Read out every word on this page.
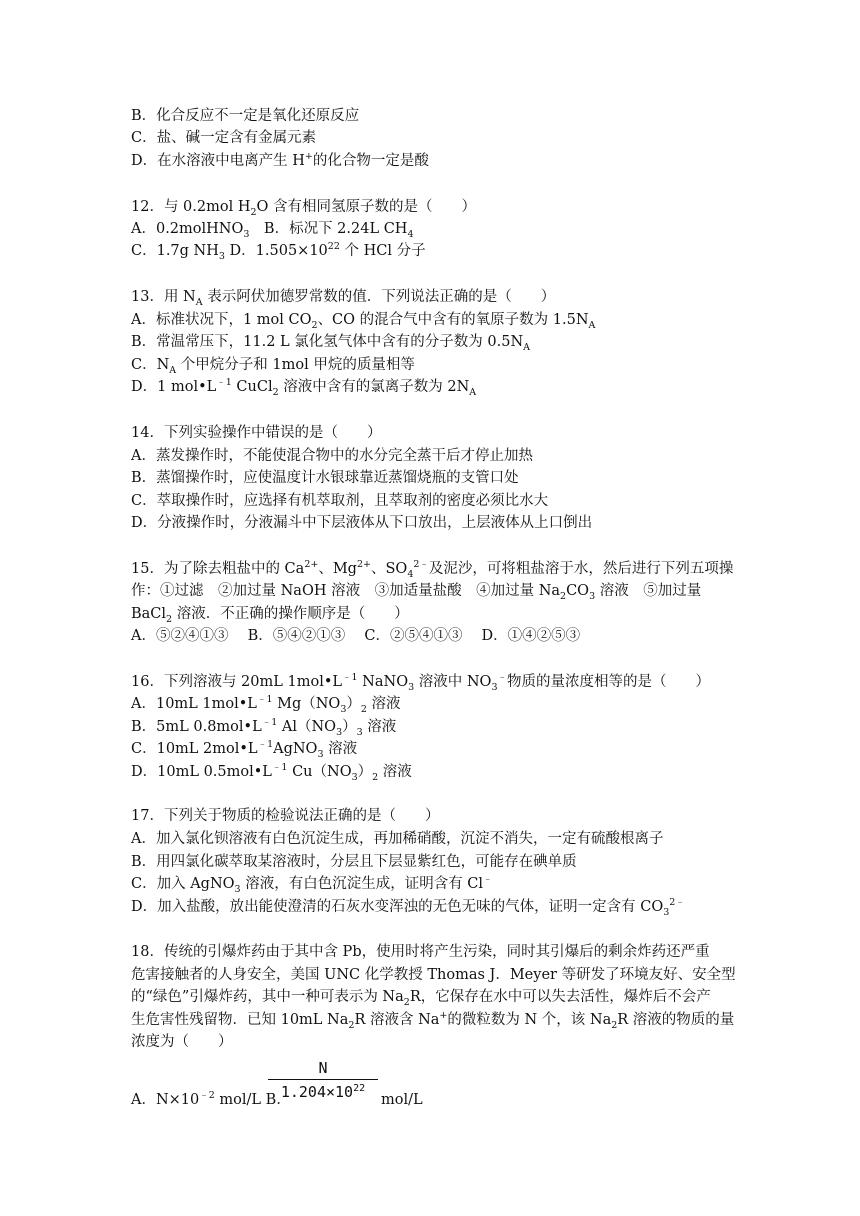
B．化合反应不一定是氧化还原反应
C．盐、碱一定含有金属元素
D．在水溶液中电离产生 H+的化合物一定是酸
12．与 0.2mol $H_2O$ 含有相同氢原子数的是（　　）
A．0.2molHNO$_3$　B．标况下 2.24L $CH_4$
C．1.7g $NH_3$ D．$1.505\times 10^{22}$ 个 HCl 分子
13．用 $N_A$ 表示阿伏加德罗常数的值．下列说法正确的是（　　）
A．标准状况下，1 mol $CO_2$、CO 的混合气中含有的氧原子数为 $1.5N_A$
B．常温常压下，11.2 L 氯化氢气体中含有的分子数为 $0.5N_A$
C．$N_A$ 个甲烷分子和 1mol 甲烷的质量相等
D．1 $mol•L^{﹣1}$ CuCl$_2$ 溶液中含有的氯离子数为 $2N_A$
14．下列实验操作中错误的是（　　）
A．蒸发操作时，不能使混合物中的水分完全蒸干后才停止加热
B．蒸馏操作时，应使温度计水银球靠近蒸馏烧瓶的支管口处
C．萃取操作时，应选择有机萃取剂，且萃取剂的密度必须比水大
D．分液操作时，分液漏斗中下层液体从下口放出，上层液体从上口倒出
15．为了除去粗盐中的 $Ca^{2+}$、$Mg^{2+}$、$SO_4^{2﹣}$及泥沙，可将粗盐溶于水，然后进行下列五项操
作：①过滤　②加过量 NaOH 溶液　③加适量盐酸　④加过量 $Na_2CO_3$ 溶液　⑤加过量
BaCl$_2$ 溶液．不正确的操作顺序是（　　）
A．⑤②④①③　 B．⑤④②①③　 C．②⑤④①③　 D．①④②⑤③
16．下列溶液与 20mL $1mol•L^{﹣1}$ NaNO$_3$ 溶液中 $NO_3^﹣$物质的量浓度相等的是（　　）
A．10mL $1mol•L^{﹣1}$ $Mg(NO_3)_2$ 溶液
B．5mL $0.8mol•L^{﹣1}$ $Al(NO_3)_3$ 溶液
C．10mL $2mol•L^{﹣1}AgNO_3$ 溶液
D．10mL $0.5mol•L^{﹣1}$ $Cu(NO_3)_2$ 溶液
17．下列关于物质的检验说法正确的是（　　）
A．加入氯化钡溶液有白色沉淀生成，再加稀硝酸，沉淀不消失，一定有硫酸根离子
B．用四氯化碳萃取某溶液时，分层且下层显紫红色，可能存在碘单质
C．加入 AgNO$_3$ 溶液，有白色沉淀生成，证明含有 Cl﹣
D．加入盐酸，放出能使澄清的石灰水变浑浊的无色无味的气体，证明一定含有 $CO_3^{2﹣}$
18．传统的引爆炸药由于其中含 Pb，使用时将产生污染，同时其引爆后的剩余炸药还严重
危害接触者的人身安全，美国 UNC 化学教授 Thomas J．Meyer 等研发了环境友好、安全型
的“绿色”引爆炸药，其中一种可表示为 $Na_2R$，它保存在水中可以失去活性，爆炸后不会产
生危害性残留物．已知 10mL $Na_2R$ 溶液含 Na+的微粒数为 N 个，该 $Na_2R$ 溶液的物质的量
浓度为（　　）
A．$N\times 10^{﹣2}$ mol/L B．
N
$1.204\times 10^{22}$
mol/L
